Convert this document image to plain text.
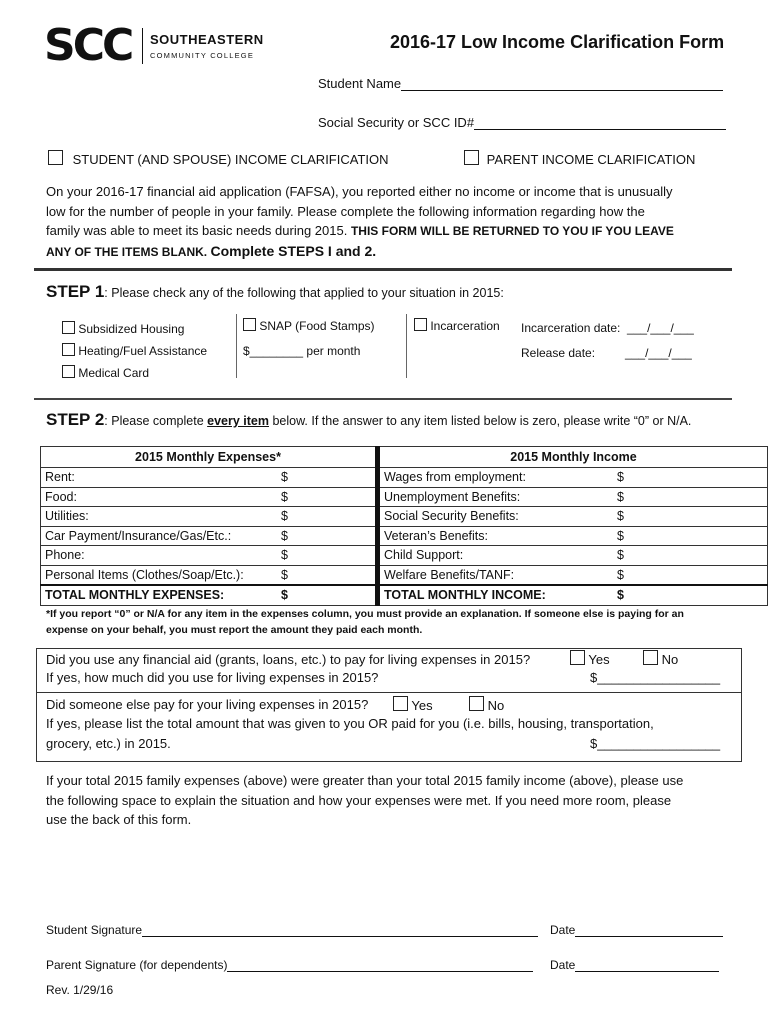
SCC SOUTHEASTERN
COMMUNITY COLLEGE
2016-17 Low Income Clarification Form
Student Name
Social Security or SCC ID#
STUDENT (AND SPOUSE) INCOME CLARIFICATION	PARENT INCOME CLARIFICATION
On your 2016-17 financial aid application (FAFSA), you reported either no income or income that is unusually
low for the number of people in your family. Please complete the following information regarding how the
family was able to meet its basic needs during 2015. THIS FORM WILL BE RETURNED TO YOU IF YOU LEAVE
ANY OF THE ITEMS BLANK. Complete STEPS I and 2.
STEP 1: Please check any of the following that applied to your situation in 2015:
Subsidized Housing
Heating/Fuel Assistance
Medical Card
SNAP (Food Stamps)
$________ per month
Incarceration Incarceration date:  ___/___/___
Release date:         ___/___/___
STEP 2: Please complete every item below. If the answer to any item listed below is zero, please write “0” or N/A.
2015 Monthly Expenses*		2015 Monthly Income	
Rent:	$	Wages from employment:	$
Food:	$	Unemployment Benefits:	$
Utilities:	$	Social Security Benefits:	$
Car Payment/Insurance/Gas/Etc.:	$	Veteran’s Benefits:	$
Phone:	$	Child Support:	$
Personal Items (Clothes/Soap/Etc.):	$	Welfare Benefits/TANF:	$
TOTAL MONTHLY EXPENSES:	$	TOTAL MONTHLY INCOME:	$
*If you report “0” or N/A for any item in the expenses column, you must provide an explanation. If someone else is paying for an
expense on your behalf, you must report the amount they paid each month.
Did you use any financial aid (grants, loans, etc.) to pay for living expenses in 2015?	Yes	No
If yes, how much did you use for living expenses in 2015?	$_________________
Did someone else pay for your living expenses in 2015?	Yes	No
If yes, please list the total amount that was given to you OR paid for you (i.e. bills, housing, transportation,
grocery, etc.) in 2015.	$_________________
If your total 2015 family expenses (above) were greater than your total 2015 family income (above), please use
the following space to explain the situation and how your expenses were met. If you need more room, please
use the back of this form.
Student Signature	Date
Parent Signature (for dependents)	Date
Rev. 1/29/16
